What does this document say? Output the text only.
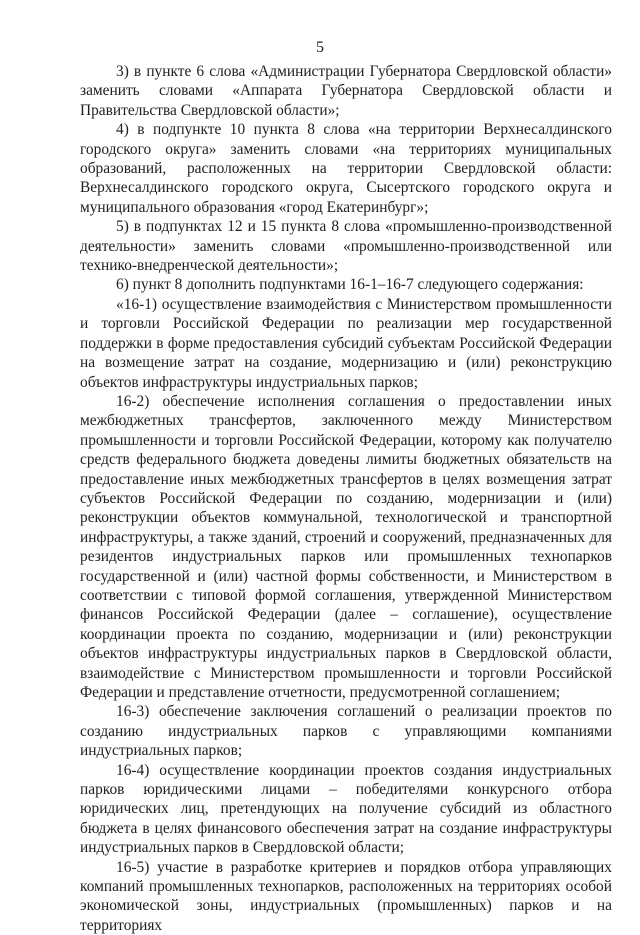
5

3) в пункте 6 слова «Администрации Губернатора Свердловской области» заменить словами «Аппарата Губернатора Свердловской области и Правительства Свердловской области»;

4) в подпункте 10 пункта 8 слова «на территории Верхнесалдинского городского округа» заменить словами «на территориях муниципальных образований, расположенных на территории Свердловской области: Верхнесалдинского городского округа, Сысертского городского округа и муниципального образования «город Екатеринбург»;

5) в подпунктах 12 и 15 пункта 8 слова «промышленно-производственной деятельности» заменить словами «промышленно-производственной или технико-внедренческой деятельности»;

6) пункт 8 дополнить подпунктами 16-1–16-7 следующего содержания:

«16-1) осуществление взаимодействия с Министерством промышленности и торговли Российской Федерации по реализации мер государственной поддержки в форме предоставления субсидий субъектам Российской Федерации на возмещение затрат на создание, модернизацию и (или) реконструкцию объектов инфраструктуры индустриальных парков;

16-2) обеспечение исполнения соглашения о предоставлении иных межбюджетных трансфертов, заключенного между Министерством промышленности и торговли Российской Федерации, которому как получателю средств федерального бюджета доведены лимиты бюджетных обязательств на предоставление иных межбюджетных трансфертов в целях возмещения затрат субъектов Российской Федерации по созданию, модернизации и (или) реконструкции объектов коммунальной, технологической и транспортной инфраструктуры, а также зданий, строений и сооружений, предназначенных для резидентов индустриальных парков или промышленных технопарков государственной и (или) частной формы собственности, и Министерством в соответствии с типовой формой соглашения, утвержденной Министерством финансов Российской Федерации (далее – соглашение), осуществление координации проекта по созданию, модернизации и (или) реконструкции объектов инфраструктуры индустриальных парков в Свердловской области, взаимодействие с Министерством промышленности и торговли Российской Федерации и представление отчетности, предусмотренной соглашением;

16-3) обеспечение заключения соглашений о реализации проектов по созданию индустриальных парков с управляющими компаниями индустриальных парков;

16-4) осуществление координации проектов создания индустриальных парков юридическими лицами – победителями конкурсного отбора юридических лиц, претендующих на получение субсидий из областного бюджета в целях финансового обеспечения затрат на создание инфраструктуры индустриальных парков в Свердловской области;

16-5) участие в разработке критериев и порядков отбора управляющих компаний промышленных технопарков, расположенных на территориях особой экономической зоны, индустриальных (промышленных) парков и на территориях
